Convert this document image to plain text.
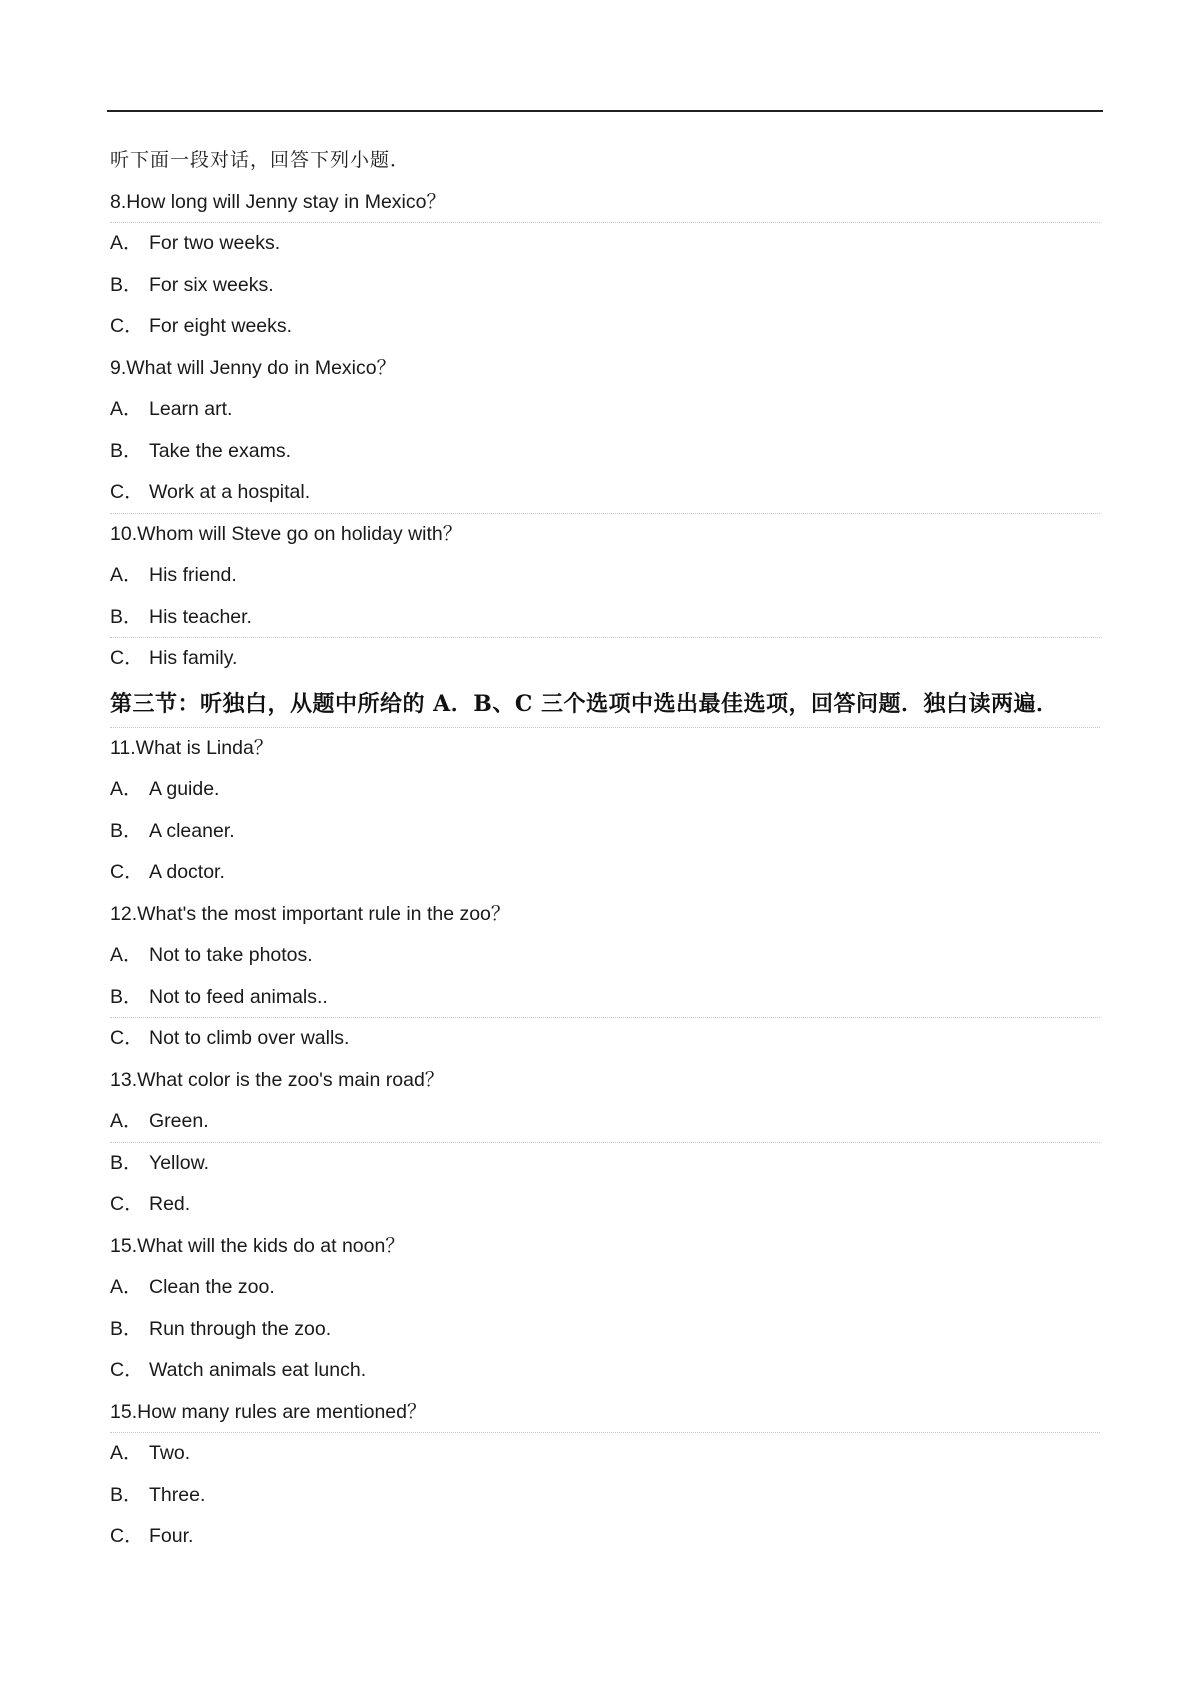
听下面一段对话，回答下列小题．
8.How long will Jenny stay in Mexico？
A． For two weeks.
B． For six weeks.
C． For eight weeks.
9.What will Jenny do in Mexico？
A． Learn art.
B． Take the exams.
C． Work at a hospital.
10.Whom will Steve go on holiday with？
A． His friend.
B． His teacher.
C． His family.
第三节：听独白，从题中所给的 A．B、C 三个选项中选出最佳选项，回答问题．独白读两遍．
11.What is Linda？
A． A guide.
B． A cleaner.
C． A doctor.
12.What's the most important rule in the zoo？
A． Not to take photos.
B． Not to feed animals..
C． Not to climb over walls.
13.What color is the zoo's main road？
A． Green.
B． Yellow.
C． Red.
15.What will the kids do at noon？
A． Clean the zoo.
B． Run through the zoo.
C． Watch animals eat lunch.
15.How many rules are mentioned？
A． Two.
B． Three.
C． Four.
